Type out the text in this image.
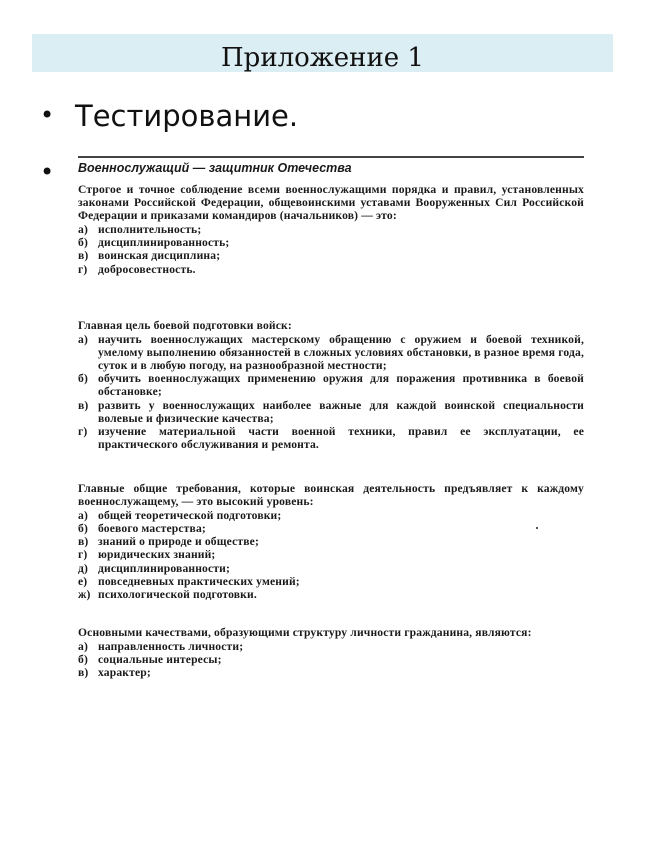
Приложение 1
• Тестирование.
• Военнослужащий — защитник Отечества

Строгое и точное соблюдение всеми военнослужащими порядка и правил, установленных законами Российской Федерации, общевоинскими уставами Вооруженных Сил Российской Федерации и приказами командиров (начальников) — это:

а) исполнительность;
б) дисциплинированность;
в) воинская дисциплина;
г) добросовестность.

Главная цель боевой подготовки войск:

а) научить военнослужащих мастерскому обращению с оружием и боевой техникой, умелому выполнению обязанностей в сложных условиях обстановки, в разное время года, суток и в любую погоду, на разнообразной местности;
б) обучить военнослужащих применению оружия для поражения противника в боевой обстановке;
в) развить у военнослужащих наиболее важные для каждой воинской специальности волевые и физические качества;
г) изучение материальной части военной техники, правил ее эксплуатации, ее практического обслуживания и ремонта.

Главные общие требования, которые воинская деятельность предъявляет к каждому военнослужащему, — это высокий уровень:

а) общей теоретической подготовки;
б) боевого мастерства;
в) знаний о природе и обществе;
г) юридических знаний;
д) дисциплинированности;
е) повседневных практических умений;
ж) психологической подготовки.

Основными качествами, образующими структуру личности гражданина, являются:

а) направленность личности;
б) социальные интересы;
в) характер;
